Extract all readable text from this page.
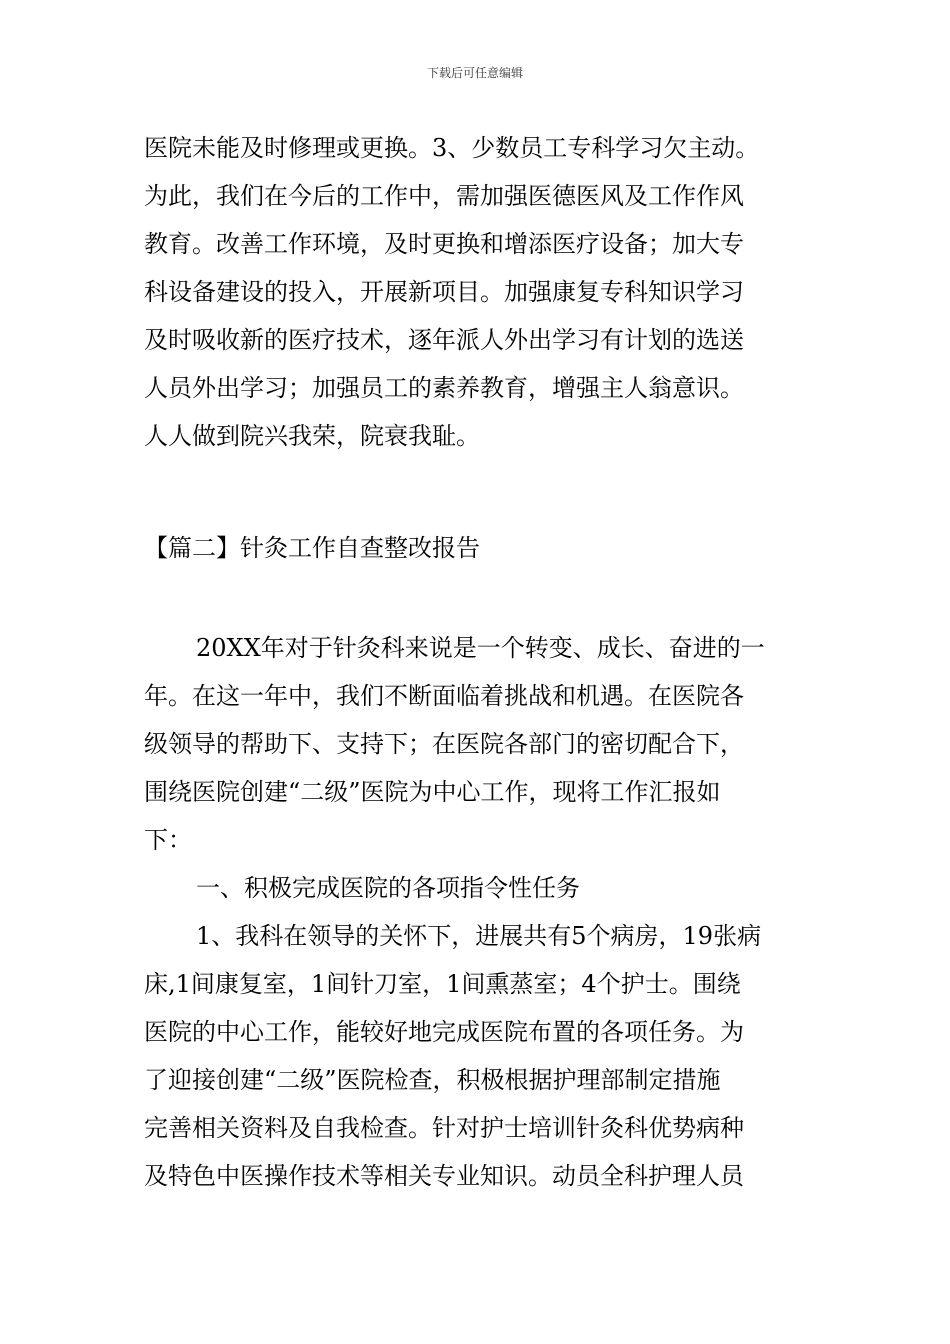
下载后可任意编辑
医院未能及时修理或更换。3、少数员工专科学习欠主动。
为此，我们在今后的工作中，需加强医德医风及工作作风
教育。改善工作环境，及时更换和增添医疗设备；加大专
科设备建设的投入，开展新项目。加强康复专科知识学习
及时吸收新的医疗技术，逐年派人外出学习有计划的选送
人员外出学习；加强员工的素养教育，增强主人翁意识。
人人做到院兴我荣，院衰我耻。
【篇二】针灸工作自查整改报告
20XX年对于针灸科来说是一个转变、成长、奋进的一
年。在这一年中，我们不断面临着挑战和机遇。在医院各
级领导的帮助下、支持下；在医院各部门的密切配合下，
围绕医院创建“二级”医院为中心工作，现将工作汇报如
下：
一、积极完成医院的各项指令性任务
1、我科在领导的关怀下，进展共有5个病房，19张病
床,1间康复室，1间针刀室，1间熏蒸室；4个护士。围绕
医院的中心工作，能较好地完成医院布置的各项任务。为
了迎接创建“二级”医院检查，积极根据护理部制定措施
完善相关资料及自我检查。针对护士培训针灸科优势病种
及特色中医操作技术等相关专业知识。动员全科护理人员
